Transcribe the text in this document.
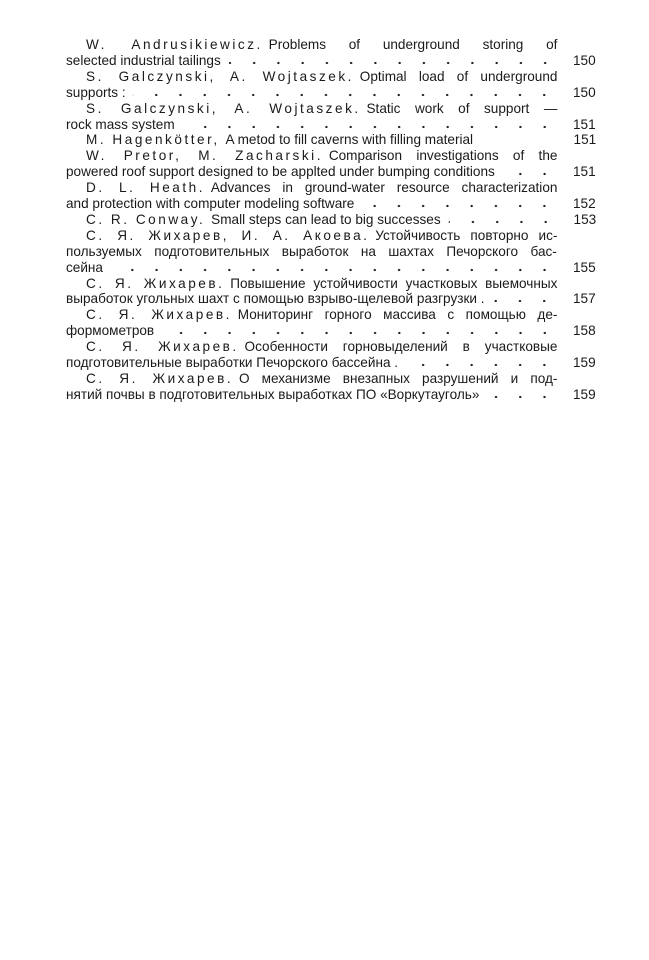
W. Andrusikiewicz. Problems of underground storing of
selected industrial tailings	150
S. Galczynski, A. Wojtaszek. Optimal load of underground
supports :	150
S. Galczynski, A. Wojtaszek. Static work of support —
rock mass system	151
M. Hagenkötter, A metod to fill caverns with filling material	151
W. Pretor, M. Zacharski. Comparison investigations of the
powered roof support designed to be applted under bumping conditions	151
D. L. Heath. Advances in ground-water resource characterization
and protection with computer modeling software	152
C. R. Conway. Small steps can lead to big successes	153
С. Я. Жихарев, И. А. Акоева. Устойчивость повторно ис-
пользуемых подготовительных выработок на шахтах Печорского бас-
сейна	155
С. Я. Жихарев. Повышение устойчивости участковых выемочных
выработок угольных шахт с помощью взрыво-щелевой разгрузки .	157
С. Я. Жихарев. Мониторинг горного массива с помощью де-
формометров	158
С. Я. Жихарев. Особенности горновыделений в участковые
подготовительные выработки Печорского бассейна .	159
С. Я. Жихарев. О механизме внезапных разрушений и под-
нятий почвы в подготовительных выработках ПО «Воркутауголь»	159
